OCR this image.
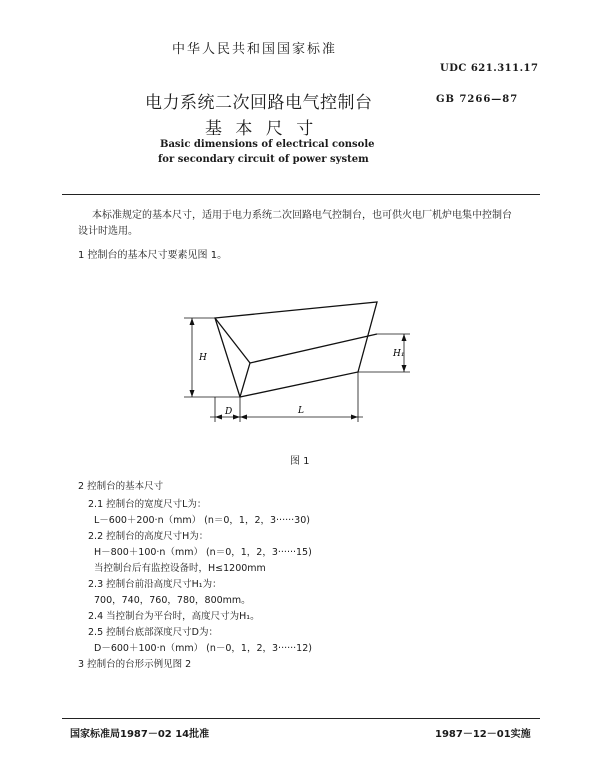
中华人民共和国国家标准
UDC 621.311.17
GB 7266—87
电力系统二次回路电气控制台
基 本 尺 寸
Basic dimensions of electrical console
for secondary circuit of power system
本标准规定的基本尺寸，适用于电力系统二次回路电气控制台，也可供火电厂机炉电集中控制台
设计时选用。
1 控制台的基本尺寸要素见图 1。
H	H₁
L
D
图 1
2 控制台的基本尺寸
2.1 控制台的宽度尺寸L为：
L－600＋200·n（mm） (n＝0，1，2，3······30)
2.2 控制台的高度尺寸H为：
H－800＋100·n（mm） (n＝0，1，2，3······15)
当控制台后有监控设备时，H≤1200mm
2.3 控制台前沿高度尺寸H₁为：
700，740，760，780，800mm。
2.4 当控制台为平台时，高度尺寸为H₁。
2.5 控制台底部深度尺寸D为：
D－600＋100·n（mm） (n－0，1，2，3······12)
3 控制台的台形示例见图 2
国家标准局1987－02 14批准	1987－12－01实施
